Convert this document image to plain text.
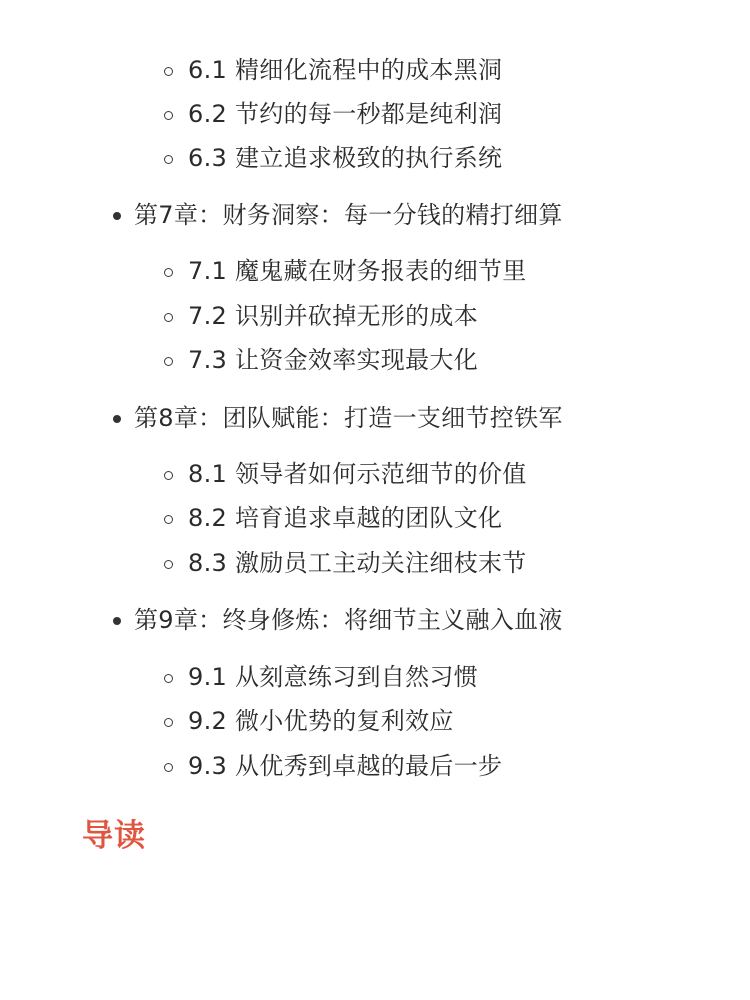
6.1 精细化流程中的成本黑洞
6.2 节约的每一秒都是纯利润
6.3 建立追求极致的执行系统
第7章：财务洞察：每一分钱的精打细算
7.1 魔鬼藏在财务报表的细节里
7.2 识别并砍掉无形的成本
7.3 让资金效率实现最大化
第8章：团队赋能：打造一支细节控铁军
8.1 领导者如何示范细节的价值
8.2 培育追求卓越的团队文化
8.3 激励员工主动关注细枝末节
第9章：终身修炼：将细节主义融入血液
9.1 从刻意练习到自然习惯
9.2 微小优势的复利效应
9.3 从优秀到卓越的最后一步
导读
